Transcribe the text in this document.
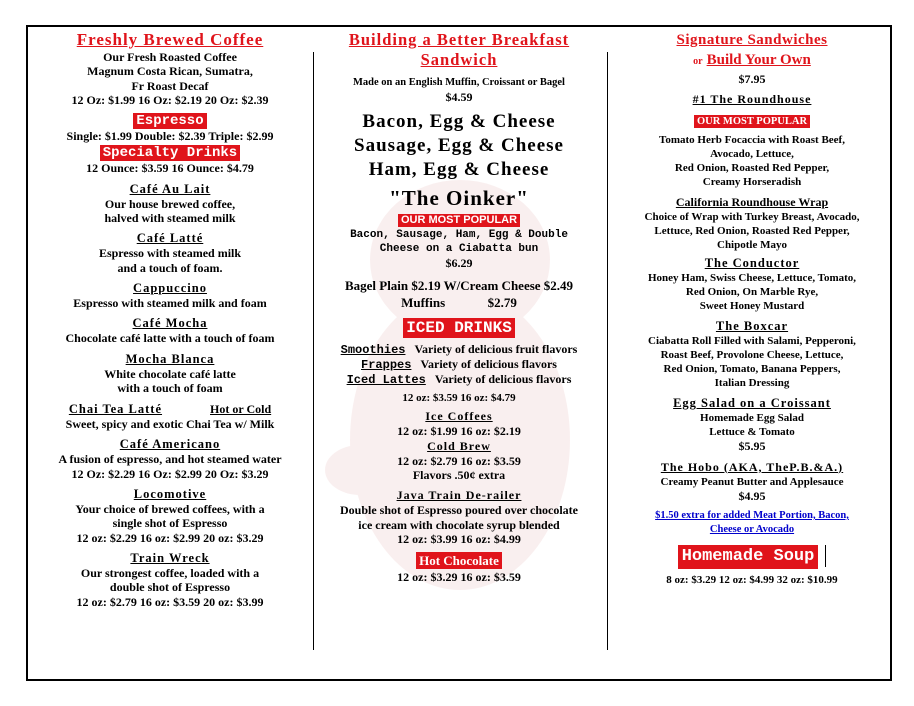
Freshly Brewed Coffee
Our Fresh Roasted Coffee
Magnum Costa Rican, Sumatra,
Fr Roast Decaf
12 Oz: $1.99 16 Oz: $2.19 20 Oz: $2.39
Espresso
Single: $1.99 Double: $2.39 Triple: $2.99
Specialty Drinks
12 Ounce: $3.59 16 Ounce: $4.79
Café Au Lait
Our house brewed coffee,
halved with steamed milk
Café Latté
Espresso with steamed milk
and a touch of foam.
Cappuccino
Espresso with steamed milk and foam
Café Mocha
Chocolate café latte with a touch of foam
Mocha Blanca
White chocolate café latte
with a touch of foam
Chai Tea Latté	Hot or Cold
Sweet, spicy and exotic Chai Tea w/ Milk
Café Americano
A fusion of espresso, and hot steamed water
12 Oz: $2.29 16 Oz: $2.99 20 Oz: $3.29
Locomotive
Your choice of brewed coffees, with a
single shot of Espresso
12 oz: $2.29 16 oz: $2.99 20 oz: $3.29
Train Wreck
Our strongest coffee, loaded with a
double shot of Espresso
12 oz: $2.79 16 oz: $3.59 20 oz: $3.99
Building a Better Breakfast
Sandwich
Made on an English Muffin, Croissant or Bagel
$4.59
Bacon, Egg & Cheese
Sausage, Egg & Cheese
Ham, Egg & Cheese
"The Oinker"
OUR MOST POPULAR
Bacon, Sausage, Ham, Egg & Double
Cheese on a Ciabatta bun
$6.29
Bagel Plain $2.19 W/Cream Cheese $2.49
Muffins	$2.79
ICED DRINKS
Smoothies Variety of delicious fruit flavors
Frappes Variety of delicious flavors
Iced Lattes Variety of delicious flavors
12 oz: $3.59 16 oz: $4.79
Ice Coffees
12 oz: $1.99 16 oz: $2.19
Cold Brew
12 oz: $2.79 16 oz: $3.59
Flavors .50¢ extra
Java Train De-railer
Double shot of Espresso poured over chocolate
ice cream with chocolate syrup blended
12 oz: $3.99 16 oz: $4.99
Hot Chocolate
12 oz: $3.29 16 oz: $3.59
Signature Sandwiches
or Build Your Own
$7.95
#1 The Roundhouse
OUR MOST POPULAR
Tomato Herb Focaccia with Roast Beef,
Avocado, Lettuce,
Red Onion, Roasted Red Pepper,
Creamy Horseradish
California Roundhouse Wrap
Choice of Wrap with Turkey Breast, Avocado,
Lettuce, Red Onion, Roasted Red Pepper,
Chipotle Mayo
The Conductor
Honey Ham, Swiss Cheese, Lettuce, Tomato,
Red Onion, On Marble Rye,
Sweet Honey Mustard
The Boxcar
Ciabatta Roll Filled with Salami, Pepperoni,
Roast Beef, Provolone Cheese, Lettuce,
Red Onion, Tomato, Banana Peppers,
Italian Dressing
Egg Salad on a Croissant
Homemade Egg Salad
Lettuce & Tomato
$5.95
The Hobo (AKA, TheP.B.&A.)
Creamy Peanut Butter and Applesauce
$4.95
$1.50 extra for added Meat Portion, Bacon,
Cheese or Avocado
Homemade Soup
8 oz: $3.29 12 oz: $4.99 32 oz: $10.99
